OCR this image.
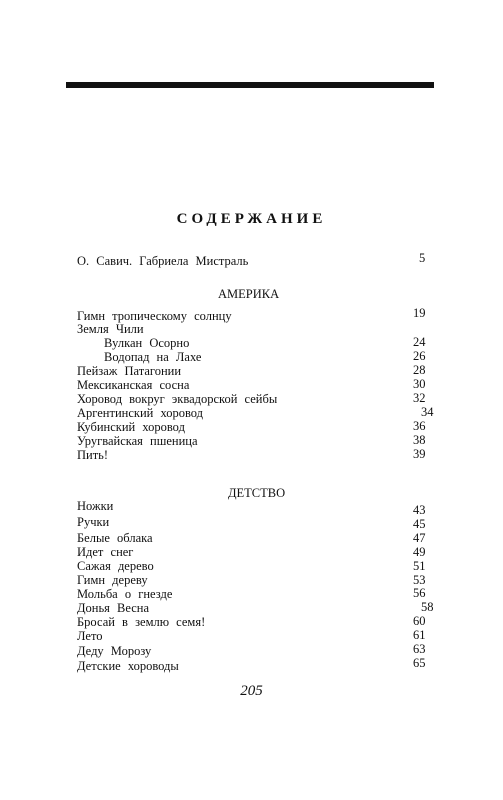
СОДЕРЖАНИЕ
О. Савич. Габриела Мистраль	5
АМЕРИКА
Гимн тропическому солнцу	19
Земля Чили
Вулкан Осорно	24
Водопад на Лахе	26
Пейзаж Патагонии	28
Мексиканская сосна	30
Хоровод вокруг эквадорской сейбы	32
Аргентинский хоровод	34
Кубинский хоровод	36
Уругвайская пшеница	38
Пить!	39
ДЕТСТВО
Ножки	43
Ручки	45
Белые облака	47
Идет снег	49
Сажая дерево	51
Гимн дереву	53
Мольба о гнезде	56
Донья Весна	58
Бросай в землю семя!	60
Лето	61
Деду Морозу	63
Детские хороводы	65
205
